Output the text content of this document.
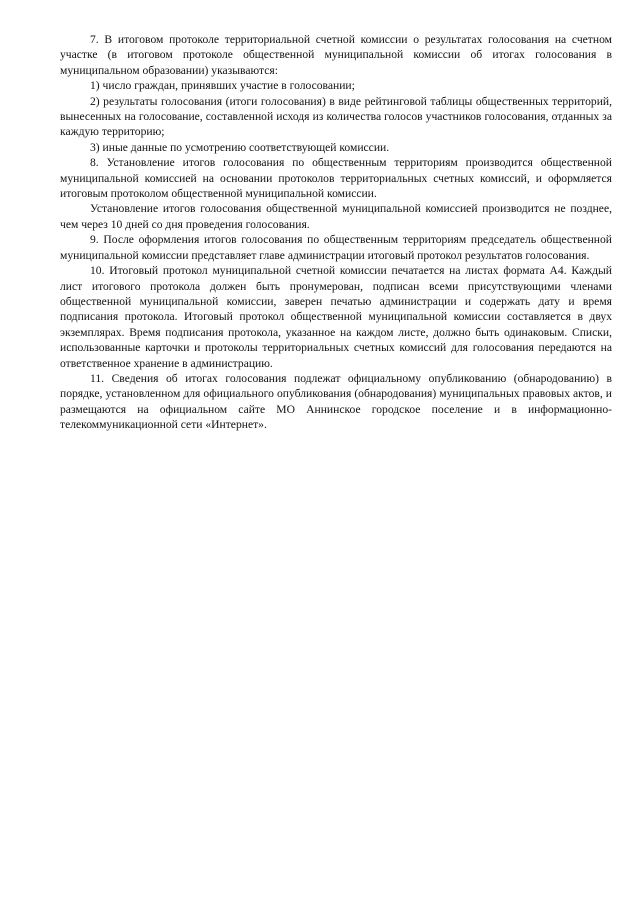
7. В итоговом протоколе территориальной счетной комиссии о результатах голосования на счетном участке (в итоговом протоколе общественной муниципальной комиссии об итогах голосования в муниципальном образовании) указываются:

1) число граждан, принявших участие в голосовании;

2) результаты голосования (итоги голосования) в виде рейтинговой таблицы общественных территорий, вынесенных на голосование, составленной исходя из количества голосов участников голосования, отданных за каждую территорию;

3) иные данные по усмотрению соответствующей комиссии.

8. Установление итогов голосования по общественным территориям производится общественной муниципальной комиссией на основании протоколов территориальных счетных комиссий, и оформляется итоговым протоколом общественной муниципальной комиссии.

Установление итогов голосования общественной муниципальной комиссией производится не позднее, чем через 10 дней со дня проведения голосования.

9. После оформления итогов голосования по общественным территориям председатель общественной муниципальной комиссии представляет главе администрации итоговый протокол результатов голосования.

10. Итоговый протокол муниципальной счетной комиссии печатается на листах формата А4. Каждый лист итогового протокола должен быть пронумерован, подписан всеми присутствующими членами общественной муниципальной комиссии, заверен печатью администрации и содержать дату и время подписания протокола. Итоговый протокол общественной муниципальной комиссии составляется в двух экземплярах. Время подписания протокола, указанное на каждом листе, должно быть одинаковым. Списки, использованные карточки и протоколы территориальных счетных комиссий для голосования передаются на ответственное хранение в администрацию.

11. Сведения об итогах голосования подлежат официальному опубликованию (обнародованию) в порядке, установленном для официального опубликования (обнародования) муниципальных правовых актов, и размещаются на официальном сайте МО Аннинское городское поселение и в информационно-телекоммуникационной сети «Интернет».
